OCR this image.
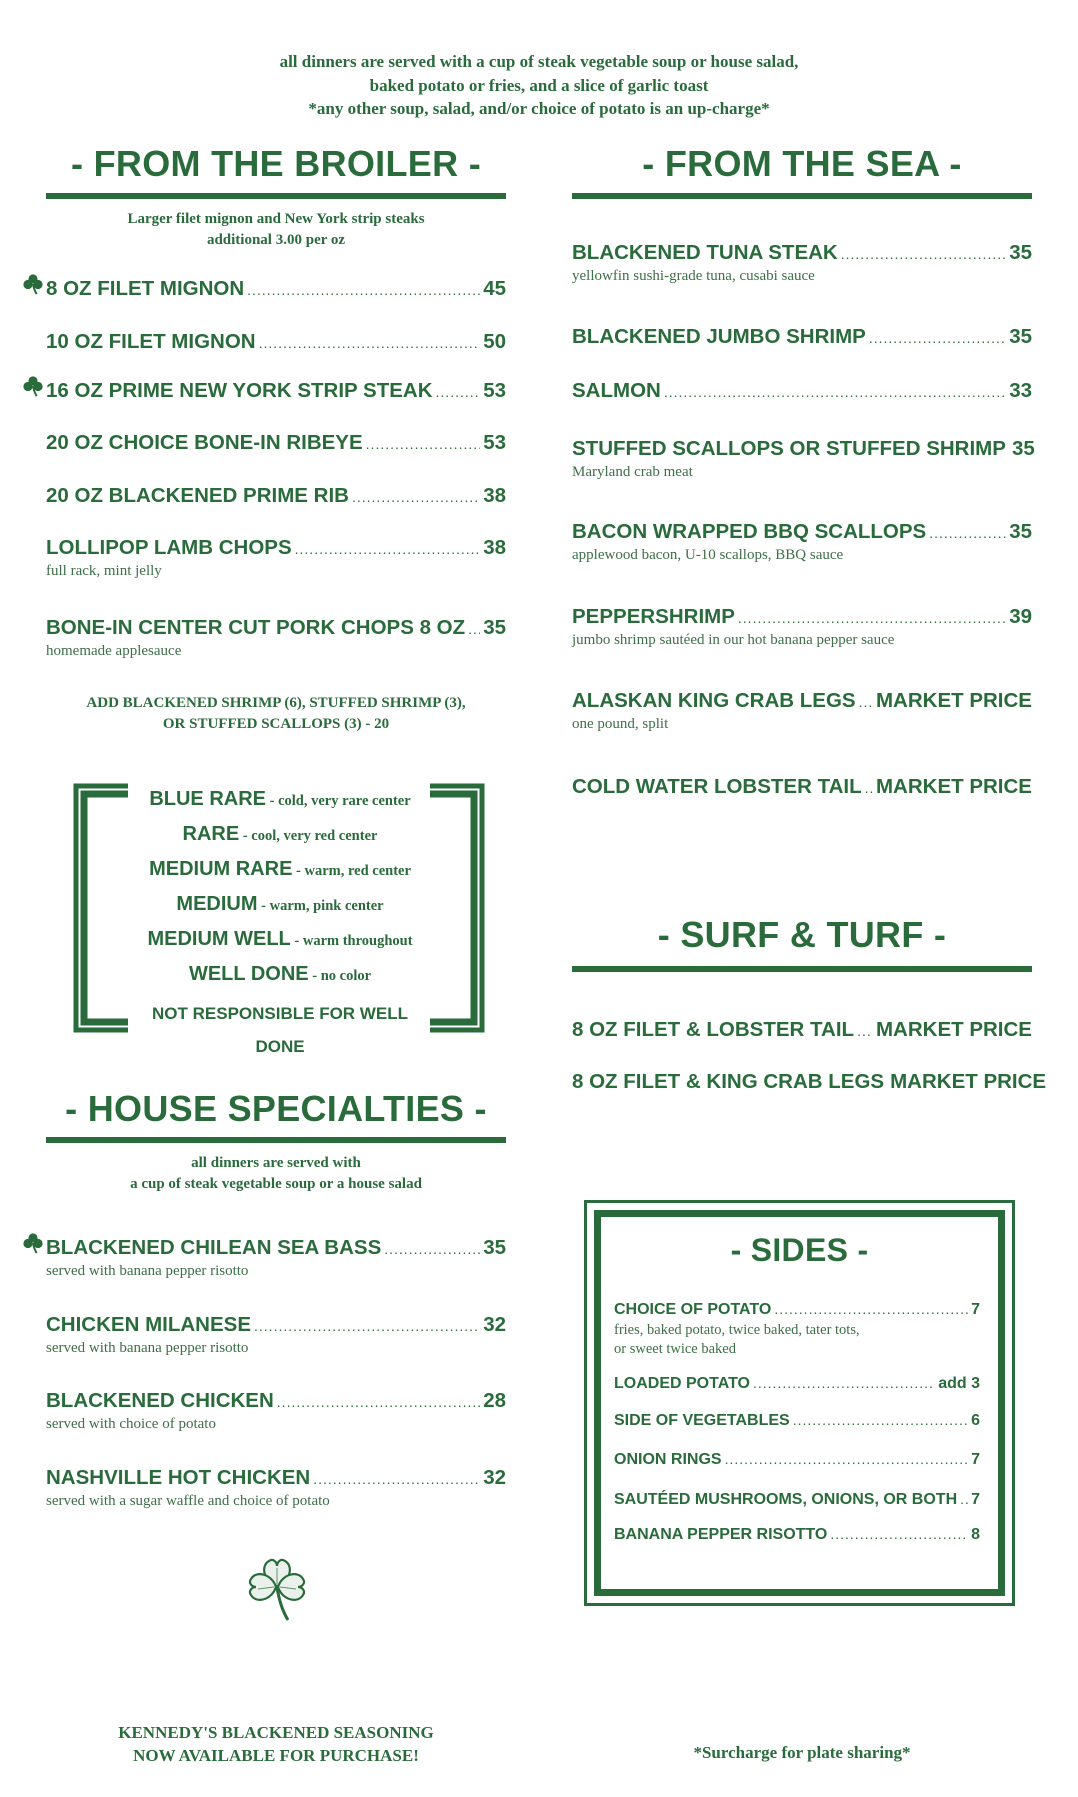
all dinners are served with a cup of steak vegetable soup or house salad,
baked potato or fries, and a slice of garlic toast
*any other soup, salad, and/or choice of potato is an up-charge*
- FROM THE BROILER -
Larger filet mignon and New York strip steaks
additional 3.00 per oz
8 OZ FILET MIGNON .....	45
10 OZ FILET MIGNON .....	50
16 OZ PRIME NEW YORK STRIP STEAK ..... 53
20 OZ CHOICE BONE-IN RIBEYE .....	53
20 OZ BLACKENED PRIME RIB .....	38
LOLLIPOP LAMB CHOPS .....	38
full rack, mint jelly
BONE-IN CENTER CUT PORK CHOPS 8 OZ ..... 35
homemade applesauce
ADD BLACKENED SHRIMP (6), STUFFED SHRIMP (3),
OR STUFFED SCALLOPS (3) - 20
BLUE RARE - cold, very rare center
RARE - cool, very red center
MEDIUM RARE - warm, red center
MEDIUM - warm, pink center
MEDIUM WELL - warm throughout
WELL DONE - no color
NOT RESPONSIBLE FOR WELL DONE
- HOUSE SPECIALTIES -
all dinners are served with
a cup of steak vegetable soup or a house salad
BLACKENED CHILEAN SEA BASS .....	35
served with banana pepper risotto
CHICKEN MILANESE .....	32
served with banana pepper risotto
BLACKENED CHICKEN .....	28
served with choice of potato
NASHVILLE HOT CHICKEN .....	32
served with a sugar waffle and choice of potato
- FROM THE SEA -
BLACKENED TUNA STEAK .....	35
yellowfin sushi-grade tuna, cusabi sauce
BLACKENED JUMBO SHRIMP .....	35
SALMON .....	33
STUFFED SCALLOPS OR STUFFED SHRIMP 35
Maryland crab meat
BACON WRAPPED BBQ SCALLOPS .....	35
applewood bacon, U-10 scallops, BBQ sauce
PEPPERSHRIMP .....	39
jumbo shrimp sautéed in our hot banana pepper sauce
ALASKAN KING CRAB LEGS ..... MARKET PRICE
one pound, split
COLD WATER LOBSTER TAIL ..... MARKET PRICE
- SURF & TURF -
8 OZ FILET & LOBSTER TAIL ..... MARKET PRICE
8 OZ FILET & KING CRAB LEGS MARKET PRICE
- SIDES -
CHOICE OF POTATO .....	7
fries, baked potato, twice baked, tater tots,
or sweet twice baked
LOADED POTATO .....	add 3
SIDE OF VEGETABLES .....	6
ONION RINGS .....	7
SAUTÉED MUSHROOMS, ONIONS, OR BOTH ..... 7
BANANA PEPPER RISOTTO .....	8
KENNEDY'S BLACKENED SEASONING
NOW AVAILABLE FOR PURCHASE!	*Surcharge for plate sharing*
